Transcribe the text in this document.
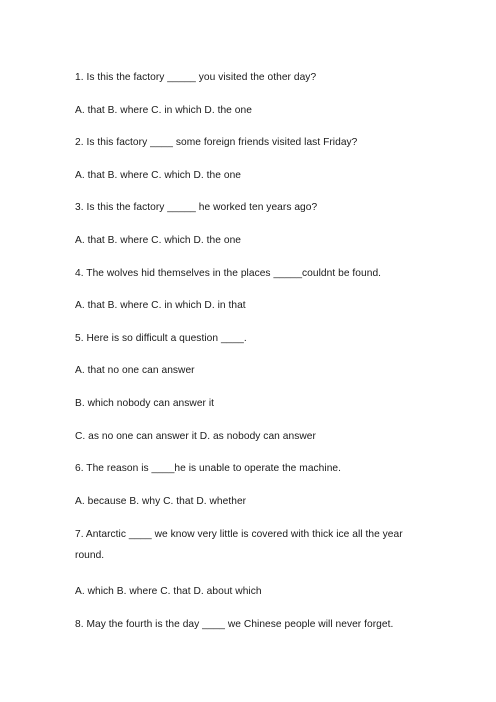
1. Is this the factory _____ you visited the other day?
A. that B. where C. in which D. the one
2. Is this factory ____ some foreign friends visited last Friday?
A. that B. where C. which D. the one
3. Is this the factory _____ he worked ten years ago?
A. that B. where C. which D. the one
4. The wolves hid themselves in the places _____couldnt be found.
A. that B. where C. in which D. in that
5. Here is so difficult a question ____.
A. that no one can answer
B. which nobody can answer it
C. as no one can answer it D. as nobody can answer
6. The reason is ____he is unable to operate the machine.
A. because B. why C. that D. whether
7. Antarctic ____ we know very little is covered with thick ice all the year round.
A. which B. where C. that D. about which
8. May the fourth is the day ____ we Chinese people will never forget.
